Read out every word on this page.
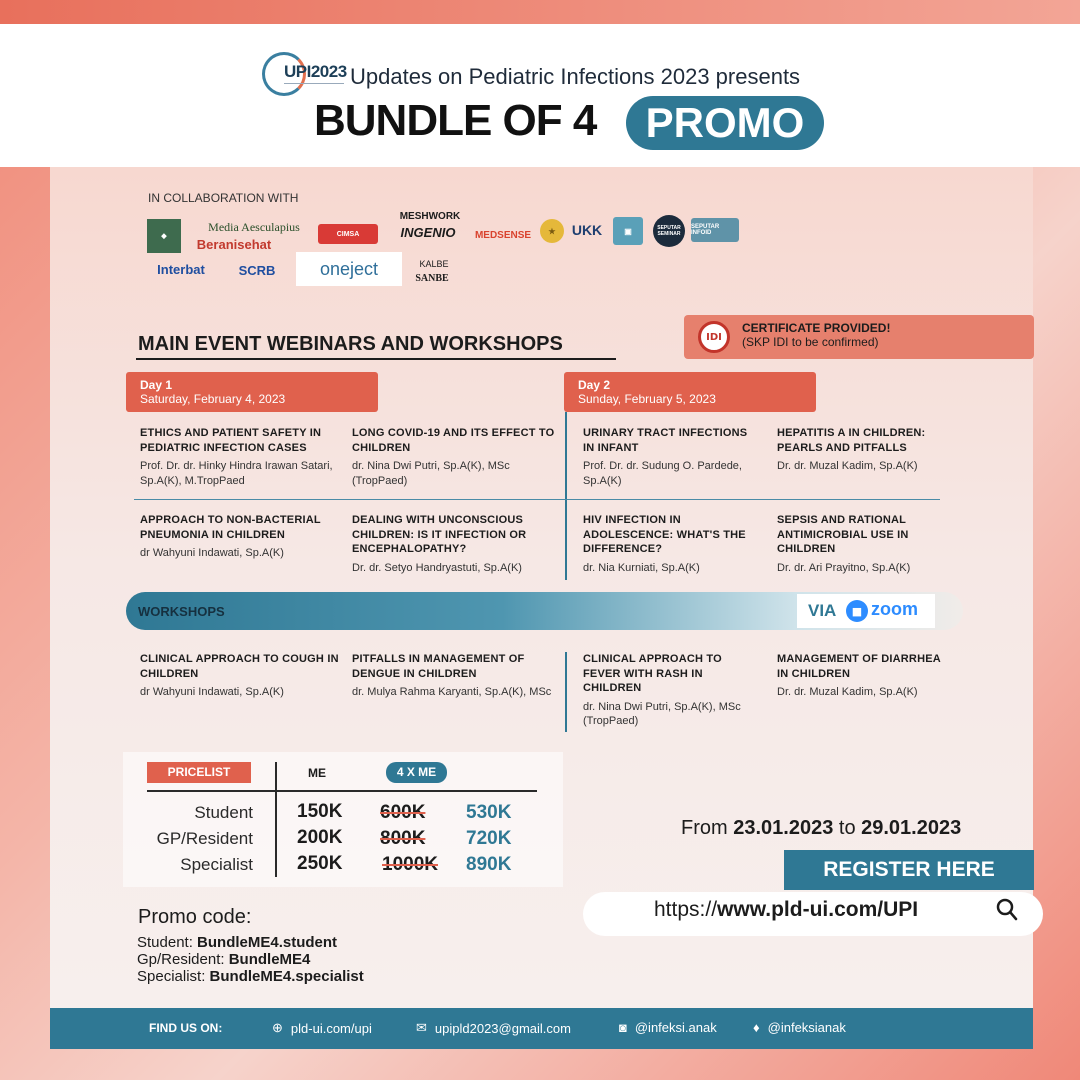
UPI2023 Updates on Pediatric Infections 2023 presents
BUNDLE OF 4	PROMO
IN COLLABORATION WITH
◆
Media Aesculapius
Beranisehat
CIMSA
MESHWORK
INGENIO	MEDSENSE	★	UKK	▣	SEPUTAR SEMINAR
SEPUTAR INFOID
Interbat	SCRB	oneject	KALBE
SANBE
MAIN EVENT WEBINARS AND WORKSHOPS	IDI
CERTIFICATE PROVIDED!
(SKP IDI to be confirmed)
Day 1
Saturday, February 4, 2023
Day 2
Sunday, February 5, 2023
ETHICS AND PATIENT SAFETY IN PEDIATRIC INFECTION CASES
Prof. Dr. dr. Hinky Hindra Irawan Satari, Sp.A(K), M.TropPaed
LONG COVID-19 AND ITS EFFECT TO CHILDREN
dr. Nina Dwi Putri, Sp.A(K), MSc (TropPaed)
URINARY TRACT INFECTIONS IN INFANT
Prof. Dr. dr. Sudung O. Pardede, Sp.A(K)
HEPATITIS A IN CHILDREN: PEARLS AND PITFALLS
Dr. dr. Muzal Kadim, Sp.A(K)
APPROACH TO NON-BACTERIAL PNEUMONIA IN CHILDREN
dr Wahyuni Indawati, Sp.A(K)
DEALING WITH UNCONSCIOUS CHILDREN: IS IT INFECTION OR ENCEPHALOPATHY?
Dr. dr. Setyo Handryastuti, Sp.A(K)
HIV INFECTION IN ADOLESCENCE: WHAT'S THE DIFFERENCE?
dr. Nia Kurniati, Sp.A(K)
SEPSIS AND RATIONAL ANTIMICROBIAL USE IN CHILDREN
Dr. dr. Ari Prayitno, Sp.A(K)
WORKSHOPS	VIA	■ zoom
CLINICAL APPROACH TO COUGH IN CHILDREN
dr Wahyuni Indawati, Sp.A(K)
PITFALLS IN MANAGEMENT OF DENGUE IN CHILDREN
dr. Mulya Rahma Karyanti, Sp.A(K), MSc
CLINICAL APPROACH TO FEVER WITH RASH IN CHILDREN
dr. Nina Dwi Putri, Sp.A(K), MSc (TropPaed)
MANAGEMENT OF DIARRHEA IN CHILDREN
Dr. dr. Muzal Kadim, Sp.A(K)
PRICELIST	ME	4 X ME
Student 150K 600K 530K
GP/Resident 200K 800K 720K
Specialist 250K 1000K 890K
Promo code:
Student: BundleME4.student
Gp/Resident: BundleME4
Specialist: BundleME4.specialist
From 23.01.2023 to 29.01.2023
REGISTER HERE
https://www.pld-ui.com/UPI
FIND US ON:	⊕ pld-ui.com/upi	✉ upipld2023@gmail.com	◙ @infeksi.anak	♦ @infeksianak
